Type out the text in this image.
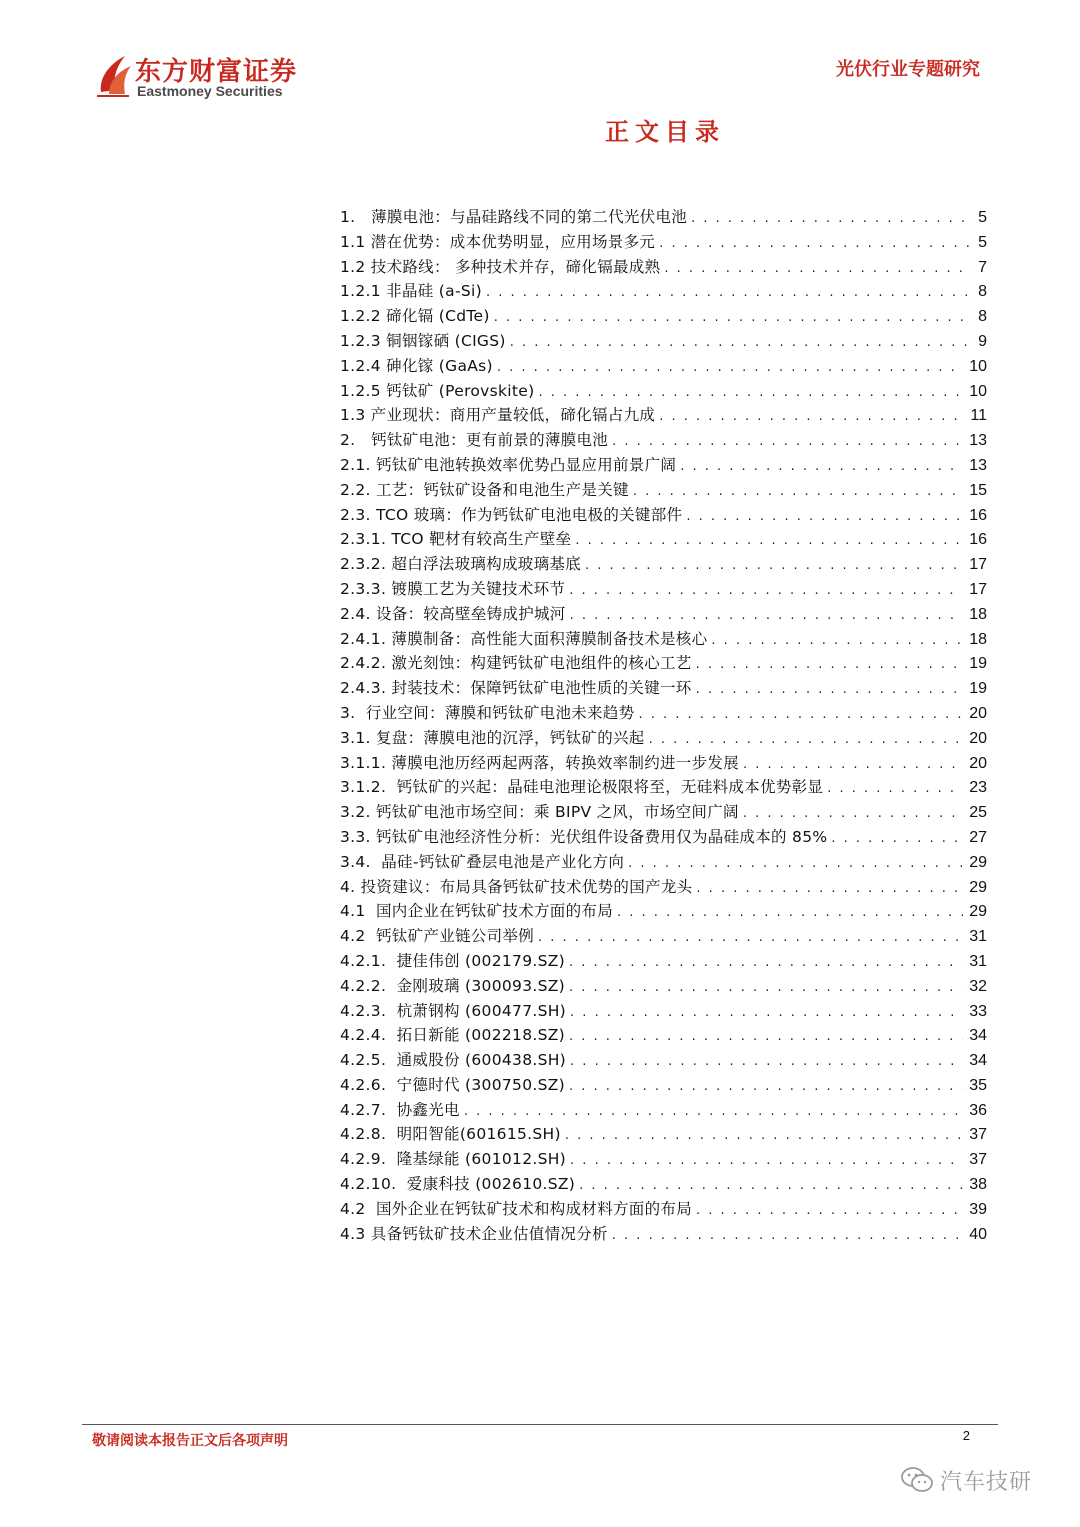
东方财富证券
Eastmoney Securities
光伏行业专题研究
正文目录
1.   薄膜电池：与晶硅路线不同的第二代光伏电池 . . .	5
1.1 潜在优势：成本优势明显，应用场景多元 . . .	5
1.2 技术路线： 多种技术并存，碲化镉最成熟 . . .	7
1.2.1 非晶硅 (a-Si) . . .	8
1.2.2 碲化镉 (CdTe) . . .	8
1.2.3 铜铟镓硒 (CIGS) . . .	9
1.2.4 砷化镓 (GaAs) . . .	10
1.2.5 钙钛矿 (Perovskite) . . .	10
1.3 产业现状：商用产量较低，碲化镉占九成 . . .	11
2.   钙钛矿电池：更有前景的薄膜电池 . . .	13
2.1. 钙钛矿电池转换效率优势凸显应用前景广阔 . . .	13
2.2. 工艺：钙钛矿设备和电池生产是关键 . . .	15
2.3. TCO 玻璃：作为钙钛矿电池电极的关键部件 . . .	16
2.3.1. TCO 靶材有较高生产壁垒 . . .	16
2.3.2. 超白浮法玻璃构成玻璃基底 . . .	17
2.3.3. 镀膜工艺为关键技术环节 . . .	17
2.4. 设备：较高壁垒铸成护城河 . . .	18
2.4.1. 薄膜制备：高性能大面积薄膜制备技术是核心 . . .	18
2.4.2. 激光刻蚀：构建钙钛矿电池组件的核心工艺 . . .	19
2.4.3. 封装技术：保障钙钛矿电池性质的关键一环 . . .	19
3.  行业空间：薄膜和钙钛矿电池未来趋势 . . .	20
3.1. 复盘：薄膜电池的沉浮，钙钛矿的兴起 . . .	20
3.1.1. 薄膜电池历经两起两落，转换效率制约进一步发展 . . .	20
3.1.2.  钙钛矿的兴起：晶硅电池理论极限将至，无硅料成本优势彰显 . . .	23
3.2. 钙钛矿电池市场空间：乘 BIPV 之风，市场空间广阔 . . .	25
3.3. 钙钛矿电池经济性分析：光伏组件设备费用仅为晶硅成本的 85% . . .	27
3.4.  晶硅-钙钛矿叠层电池是产业化方向 . . .	29
4. 投资建议：布局具备钙钛矿技术优势的国产龙头 . . .	29
4.1  国内企业在钙钛矿技术方面的布局 . . .	29
4.2  钙钛矿产业链公司举例 . . .	31
4.2.1.  捷佳伟创 (002179.SZ) . . .	31
4.2.2.  金刚玻璃 (300093.SZ) . . .	32
4.2.3.  杭萧钢构 (600477.SH) . . .	33
4.2.4.  拓日新能 (002218.SZ) . . .	34
4.2.5.  通威股份 (600438.SH) . . .	34
4.2.6.  宁德时代 (300750.SZ) . . .	35
4.2.7.  协鑫光电 . . .	36
4.2.8.  明阳智能(601615.SH) . . .	37
4.2.9.  隆基绿能 (601012.SH) . . .	37
4.2.10.  爱康科技 (002610.SZ) . . .	38
4.2  国外企业在钙钛矿技术和构成材料方面的布局 . . .	39
4.3 具备钙钛矿技术企业估值情况分析 . . .	40
敬请阅读本报告正文后各项声明	2
汽车技研
